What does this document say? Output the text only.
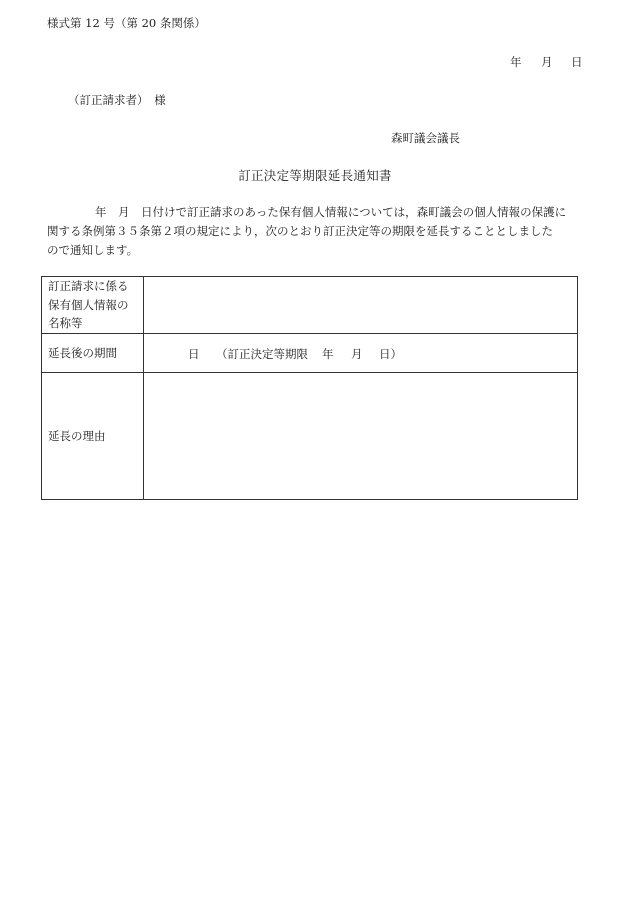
様式第 12 号（第 20 条関係）
年 月 日
（訂正請求者）　様
森町議会議長
訂正決定等期限延長通知書
年　月　日付けで訂正請求のあった保有個人情報については，森町議会の個人情報の保護に
関する条例第３５条第２項の規定により，次のとおり訂正決定等の期限を延長することとしました
ので通知します。
訂正請求に係る
保有個人情報の
名称等	

延長後の期間	日 （訂正決定等期限 年 月 日）

延長の理由	
